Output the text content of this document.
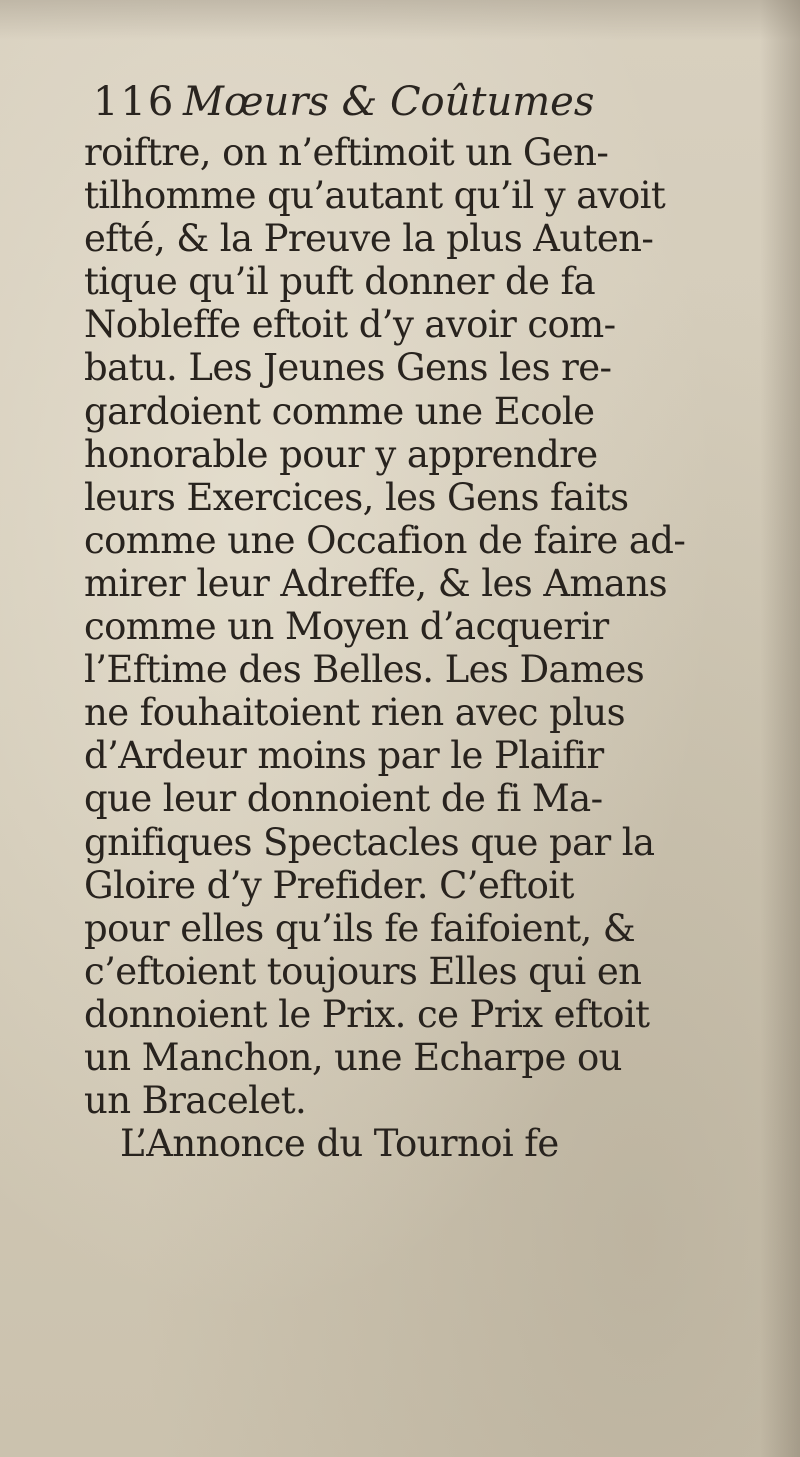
116 Mœurs & Coûtumes
roiftre, on n’eftimoit un Gen-
tilhomme qu’autant qu’il y avoit
efté, & la Preuve la plus Auten-
tique qu’il puft donner de fa
Nobleffe eftoit d’y avoir com-
batu. Les Jeunes Gens les re-
gardoient comme une Ecole
honorable pour y apprendre
leurs Exercices, les Gens faits
comme une Occafion de faire ad-
mirer leur Adreffe, & les Amans
comme un Moyen d’acquerir
l’Eftime des Belles. Les Dames
ne fouhaitoient rien avec plus
d’Ardeur moins par le Plaifir
que leur donnoient de fi Ma-
gnifiques Spectacles que par la
Gloire d’y Prefider. C’eftoit
pour elles qu’ils fe faifoient, &
c’eftoient toujours Elles qui en
donnoient le Prix. ce Prix eftoit
un Manchon, une Echarpe ou
un Bracelet.
L’Annonce du Tournoi fe
